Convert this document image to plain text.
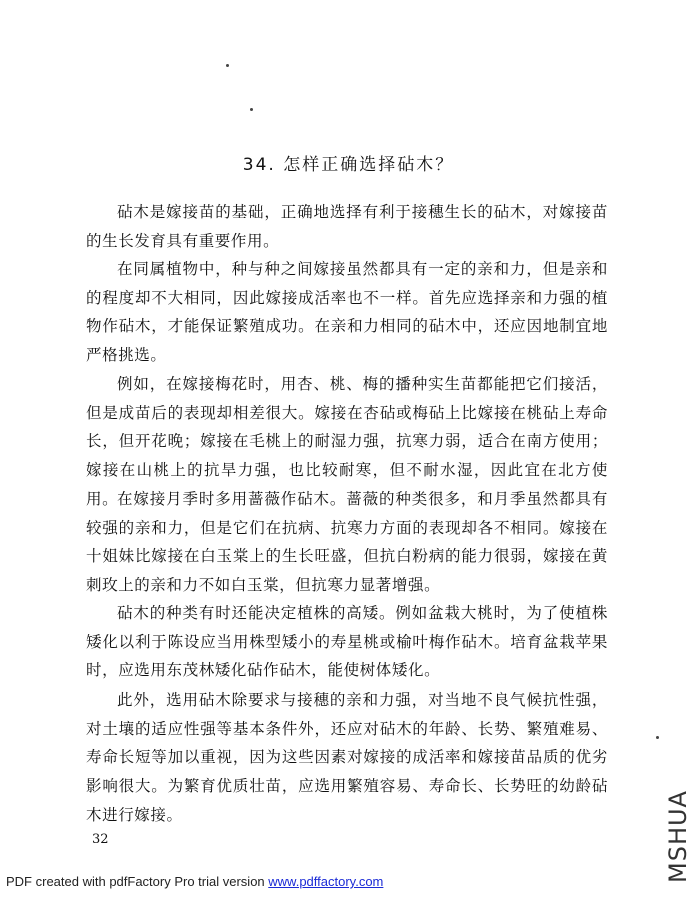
34. 怎样正确选择砧木？

砧木是嫁接苗的基础，正确地选择有利于接穗生长的砧木，对嫁接苗的生长发育具有重要作用。

在同属植物中，种与种之间嫁接虽然都具有一定的亲和力，但是亲和的程度却不大相同，因此嫁接成活率也不一样。首先应选择亲和力强的植物作砧木，才能保证繁殖成功。在亲和力相同的砧木中，还应因地制宜地严格挑选。

例如，在嫁接梅花时，用杏、桃、梅的播种实生苗都能把它们接活，但是成苗后的表现却相差很大。嫁接在杏砧或梅砧上比嫁接在桃砧上寿命长，但开花晚；嫁接在毛桃上的耐湿力强，抗寒力弱，适合在南方使用；嫁接在山桃上的抗旱力强，也比较耐寒，但不耐水湿，因此宜在北方使用。

在嫁接月季时多用蔷薇作砧木。蔷薇的种类很多，和月季虽然都具有较强的亲和力，但是它们在抗病、抗寒力方面的表现却各不相同。嫁接在十姐妹比嫁接在白玉棠上的生长旺盛，但抗白粉病的能力很弱，嫁接在黄刺玫上的亲和力不如白玉棠，但抗寒力显著增强。

砧木的种类有时还能决定植株的高矮。例如盆栽大桃时，为了使植株矮化以利于陈设应当用株型矮小的寿星桃或榆叶梅作砧木。培育盆栽苹果时，应选用东茂林矮化砧作砧木，能使树体矮化。

此外，选用砧木除要求与接穗的亲和力强，对当地不良气候抗性强，对土壤的适应性强等基本条件外，还应对砧木的年龄、长势、繁殖难易、寿命长短等加以重视，因为这些因素对嫁接的成活率和嫁接苗品质的优劣影响很大。为繁育优质壮苗，应选用繁殖容易、寿命长、长势旺的幼龄砧木进行嫁接。

32
PDF created with pdfFactory Pro trial version www.pdffactory.com	MSHUA
